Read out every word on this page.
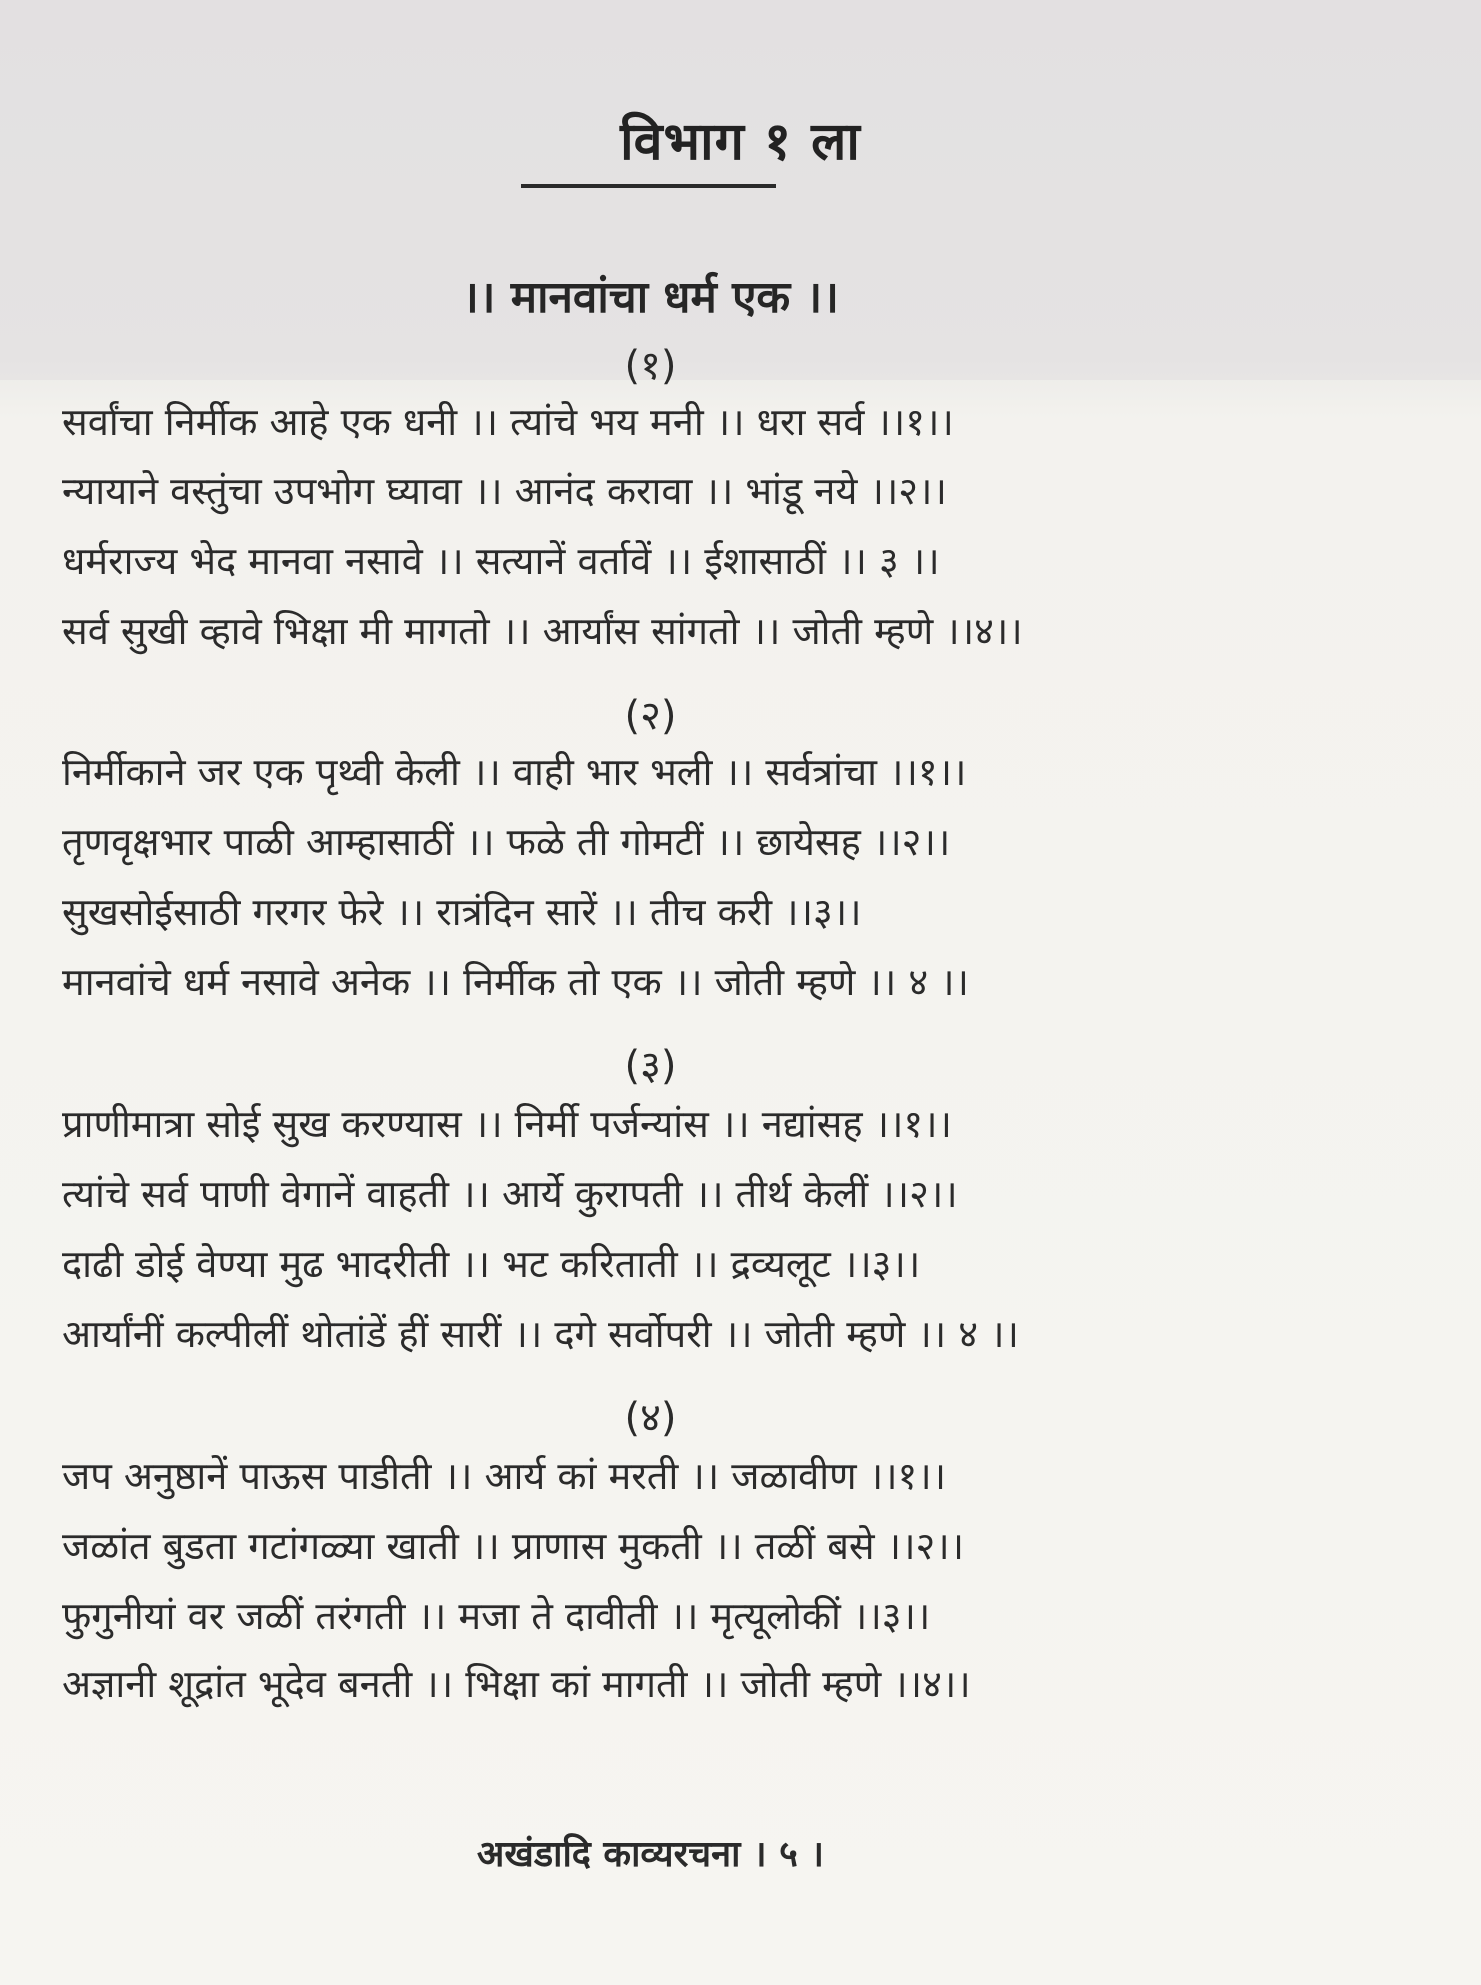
विभाग १ ला
।। मानवांचा धर्म एक ।।
(१)
सर्वांचा निर्मीक आहे एक धनी ।। त्यांचे भय मनी ।। धरा सर्व ।।१।।
न्यायाने वस्तुंचा उपभोग घ्यावा ।। आनंद करावा ।। भांडू नये ।।२।।
धर्मराज्य भेद मानवा नसावे ।। सत्यानें वर्तावें ।। ईशासाठीं ।। ३ ।।
सर्व सुखी व्हावे भिक्षा मी मागतो ।। आर्यांस सांगतो ।। जोती म्हणे ।।४।।
(२)
निर्मीकाने जर एक पृथ्वी केली ।। वाही भार भली ।। सर्वत्रांचा ।।१।।
तृणवृक्षभार पाळी आम्हासाठीं ।। फळे ती गोमटीं ।। छायेसह ।।२।।
सुखसोईसाठी गरगर फेरे ।। रात्रंदिन सारें ।। तीच करी ।।३।।
मानवांचे धर्म नसावे अनेक ।। निर्मीक तो एक ।। जोती म्हणे ।। ४ ।।
(३)
प्राणीमात्रा सोई सुख करण्यास ।। निर्मी पर्जन्यांस ।। नद्यांसह ।।१।।
त्यांचे सर्व पाणी वेगानें वाहती ।। आर्ये कुरापती ।। तीर्थ केलीं ।।२।।
दाढी डोई वेण्या मुढ भादरीती ।। भट करिताती ।। द्रव्यलूट ।।३।।
आर्यांनीं कल्पीलीं थोतांडें हीं सारीं ।। दगे सर्वोपरी ।। जोती म्हणे ।। ४ ।।
(४)
जप अनुष्ठानें पाऊस पाडीती ।। आर्य कां मरती ।। जळावीण ।।१।।
जळांत बुडता गटांगळ्या खाती ।। प्राणास मुकती ।। तळीं बसे ।।२।।
फुगुनीयां वर जळीं तरंगती ।। मजा ते दावीती ।। मृत्यूलोकीं ।।३।।
अज्ञानी शूद्रांत भूदेव बनती ।। भिक्षा कां मागती ।। जोती म्हणे ।।४।।
अखंडादि काव्यरचना । ५ ।
